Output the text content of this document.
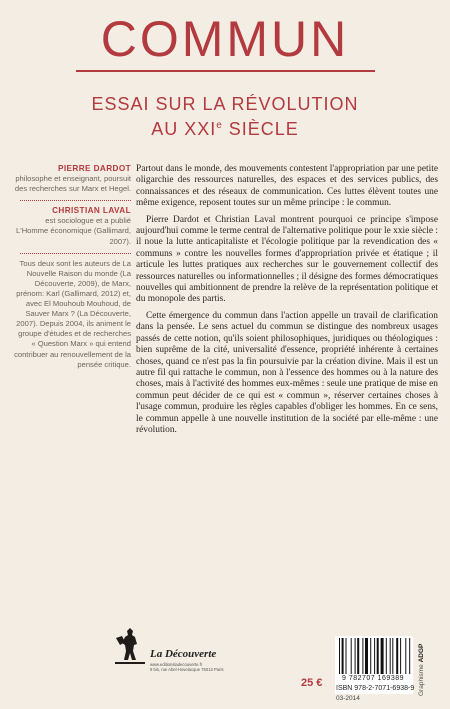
COMMUN
ESSAI SUR LA RÉVOLUTION
AU XXIe SIÈCLE
PIERRE DARDOT
philosophe et enseignant, poursuit des recherches sur Marx et Hegel.
CHRISTIAN LAVAL
est sociologue et a publié L'Homme économique (Gallimard, 2007).
Tous deux sont les auteurs de La Nouvelle Raison du monde (La Découverte, 2009), de Marx, prénom: Karl (Gallimard, 2012) et, avec El Mouhoub Mouhoud, de Sauver Marx ? (La Découverte, 2007). Depuis 2004, ils animent le groupe d'études et de recherches « Question Marx » qui entend contribuer au renouvellement de la pensée critique.

Partout dans le monde, des mouvements contestent l'appropriation par une petite oligarchie des ressources naturelles, des espaces et des services publics, des connaissances et des réseaux de communication. Ces luttes élèvent toutes une même exigence, reposent toutes sur un même principe : le commun.

Pierre Dardot et Christian Laval montrent pourquoi ce principe s'impose aujourd'hui comme le terme central de l'alternative politique pour le xxie siècle : il noue la lutte anticapitaliste et l'écologie politique par la revendication des « communs » contre les nouvelles formes d'appropriation privée et étatique ; il articule les luttes pratiques aux recherches sur le gouvernement collectif des ressources naturelles ou informationnelles ; il désigne des formes démocratiques nouvelles qui ambitionnent de prendre la relève de la représentation politique et du monopole des partis.

Cette émergence du commun dans l'action appelle un travail de clarification dans la pensée. Le sens actuel du commun se distingue des nombreux usages passés de cette notion, qu'ils soient philosophiques, juridiques ou théologiques : bien suprême de la cité, universalité d'essence, propriété inhérente à certaines choses, quand ce n'est pas la fin poursuivie par la création divine. Mais il est un autre fil qui rattache le commun, non à l'essence des hommes ou à la nature des choses, mais à l'activité des hommes eux-mêmes : seule une pratique de mise en commun peut décider de ce qui est « commun », réserver certaines choses à l'usage commun, produire les règles capables d'obliger les hommes. En ce sens, le commun appelle à une nouvelle institution de la société par elle-même : une révolution.

La Découverte
www.editionsladecouverte.fr
9 bis, rue Abel-Hovelacque 75013 Paris
9 782707 169389
25 € ISBN 978-2-7071-6938-9
03-2014
Graphisme ADGP
